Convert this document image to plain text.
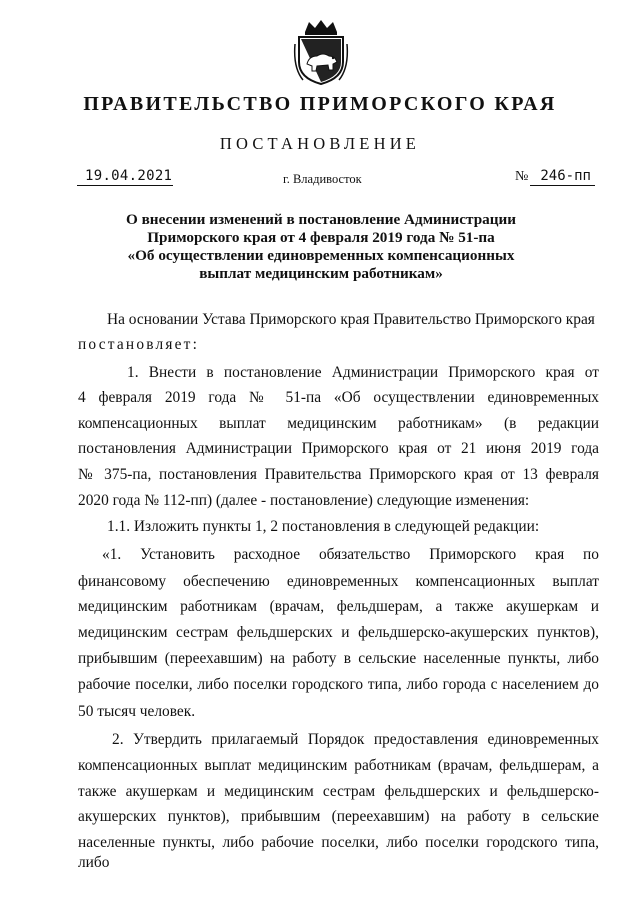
ПРАВИТЕЛЬСТВО ПРИМОРСКОГО КРАЯ
ПОСТАНОВЛЕНИЕ
19.04.2021	г. Владивосток	№ 246-пп
О внесении изменений в постановление Администрации
Приморского края от 4 февраля 2019 года № 51-па
«Об осуществлении единовременных компенсационных
выплат медицинским работникам»
На основании Устава Приморского края Правительство Приморского края
постановляет:
1. Внести в постановление Администрации Приморского края от
4 февраля 2019 года № 51-па «Об осуществлении единовременных
компенсационных выплат медицинским работникам» (в редакции
постановления Администрации Приморского края от 21 июня 2019 года
№ 375-па, постановления Правительства Приморского края от 13 февраля
2020 года № 112-пп) (далее - постановление) следующие изменения:
1.1. Изложить пункты 1, 2 постановления в следующей редакции:
«1. Установить расходное обязательство Приморского края по
финансовому обеспечению единовременных компенсационных выплат
медицинским работникам (врачам, фельдшерам, а также акушеркам и
медицинским сестрам фельдшерских и фельдшерско-акушерских пунктов),
прибывшим (переехавшим) на работу в сельские населенные пункты, либо
рабочие поселки, либо поселки городского типа, либо города с населением до
50 тысяч человек.
2. Утвердить прилагаемый Порядок предоставления единовременных
компенсационных выплат медицинским работникам (врачам, фельдшерам, а
также акушеркам и медицинским сестрам фельдшерских и фельдшерско-
акушерских пунктов), прибывшим (переехавшим) на работу в сельские
населенные пункты, либо рабочие поселки, либо поселки городского типа, либо
